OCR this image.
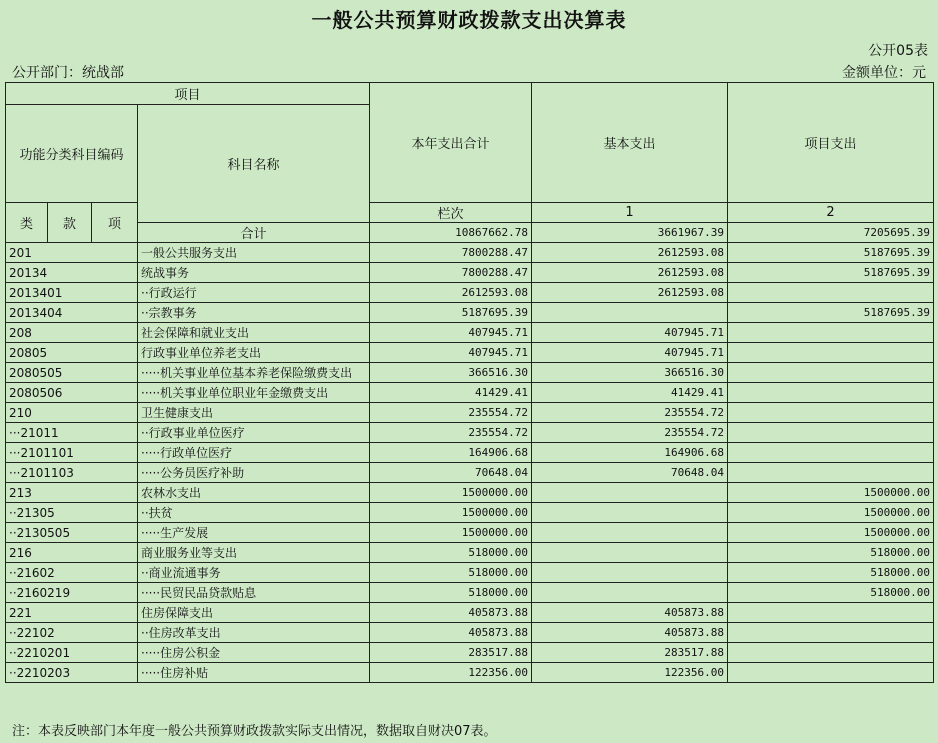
一般公共预算财政拨款支出决算表
公开05表
公开部门：统战部	金额单位：元
项目				本年支出合计	基本支出	项目支出	
功能分类科目编码			科目名称				

类	款	项		栏次	1	2	
			合计	10867662.78	3661967.39	7205695.39	
201			一般公共服务支出	7800288.47	2612593.08	5187695.39	
20134			统战事务	7800288.47	2612593.08	5187695.39	
2013401			··行政运行	2612593.08	2612593.08		
2013404			··宗教事务	5187695.39		5187695.39	
208			社会保障和就业支出	407945.71	407945.71		
20805			行政事业单位养老支出	407945.71	407945.71		
2080505			·····机关事业单位基本养老保险缴费支出	366516.30	366516.30		
2080506			·····机关事业单位职业年金缴费支出	41429.41	41429.41		
210			卫生健康支出	235554.72	235554.72		
···21011			··行政事业单位医疗	235554.72	235554.72		
···2101101			·····行政单位医疗	164906.68	164906.68		
···2101103			·····公务员医疗补助	70648.04	70648.04		
213			农林水支出	1500000.00		1500000.00	
··21305			··扶贫	1500000.00		1500000.00	
··2130505			·····生产发展	1500000.00		1500000.00	
216			商业服务业等支出	518000.00		518000.00	
··21602			··商业流通事务	518000.00		518000.00	
··2160219			·····民贸民品贷款贴息	518000.00		518000.00	
221			住房保障支出	405873.88	405873.88		
··22102			··住房改革支出	405873.88	405873.88		
··2210201			·····住房公积金	283517.88	283517.88		
··2210203			·····住房补贴	122356.00	122356.00		
注：本表反映部门本年度一般公共预算财政拨款实际支出情况，数据取自财决07表。
